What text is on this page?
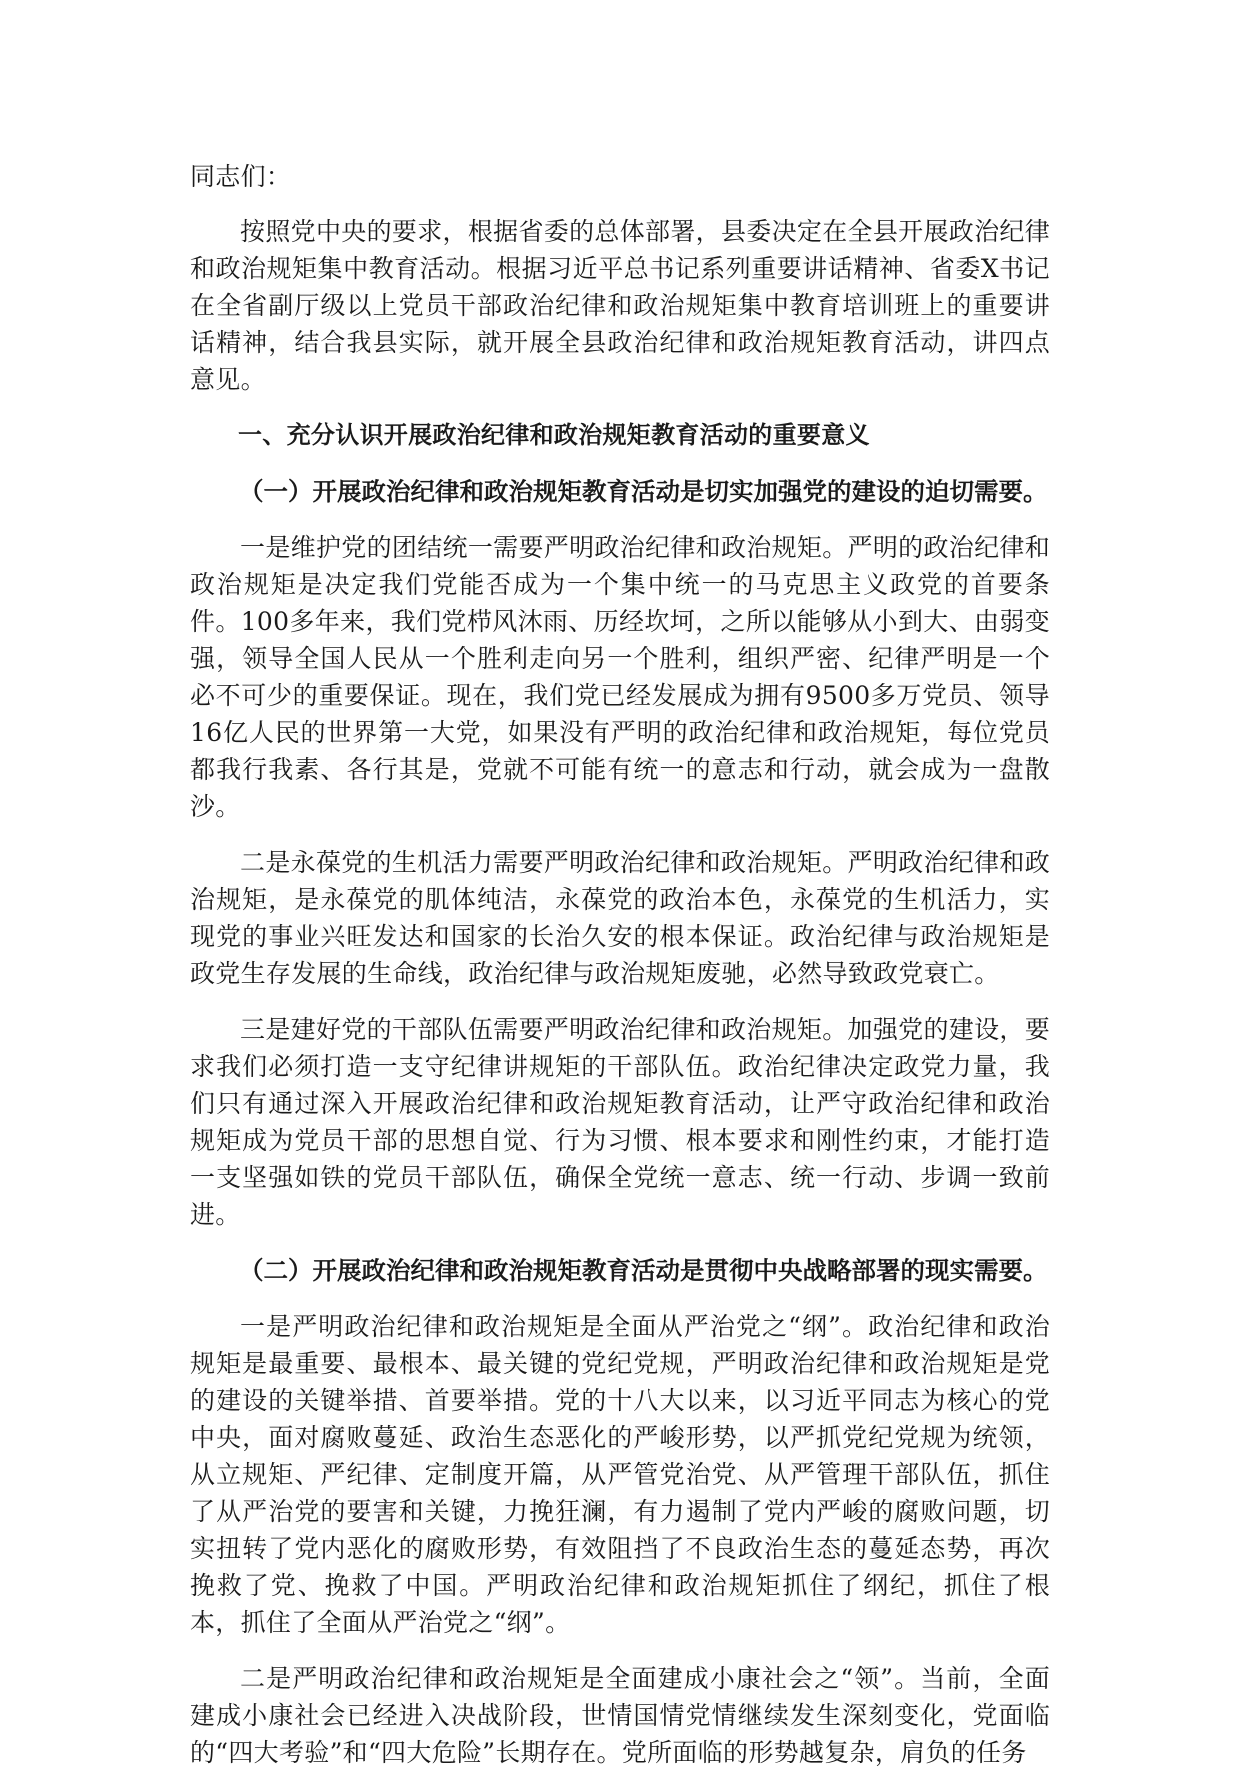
同志们：

按照党中央的要求，根据省委的总体部署，县委决定在全县开展政治纪律和政治规矩集中教育活动。根据习近平总书记系列重要讲话精神、省委X书记在全省副厅级以上党员干部政治纪律和政治规矩集中教育培训班上的重要讲话精神，结合我县实际，就开展全县政治纪律和政治规矩教育活动，讲四点意见。

一、充分认识开展政治纪律和政治规矩教育活动的重要意义

（一）开展政治纪律和政治规矩教育活动是切实加强党的建设的迫切需要。

一是维护党的团结统一需要严明政治纪律和政治规矩。严明的政治纪律和政治规矩是决定我们党能否成为一个集中统一的马克思主义政党的首要条件。100多年来，我们党栉风沐雨、历经坎坷，之所以能够从小到大、由弱变强，领导全国人民从一个胜利走向另一个胜利，组织严密、纪律严明是一个必不可少的重要保证。现在，我们党已经发展成为拥有9500多万党员、领导16亿人民的世界第一大党，如果没有严明的政治纪律和政治规矩，每位党员都我行我素、各行其是，党就不可能有统一的意志和行动，就会成为一盘散沙。

二是永葆党的生机活力需要严明政治纪律和政治规矩。严明政治纪律和政治规矩，是永葆党的肌体纯洁，永葆党的政治本色，永葆党的生机活力，实现党的事业兴旺发达和国家的长治久安的根本保证。政治纪律与政治规矩是政党生存发展的生命线，政治纪律与政治规矩废驰，必然导致政党衰亡。

三是建好党的干部队伍需要严明政治纪律和政治规矩。加强党的建设，要求我们必须打造一支守纪律讲规矩的干部队伍。政治纪律决定政党力量，我们只有通过深入开展政治纪律和政治规矩教育活动，让严守政治纪律和政治规矩成为党员干部的思想自觉、行为习惯、根本要求和刚性约束，才能打造一支坚强如铁的党员干部队伍，确保全党统一意志、统一行动、步调一致前进。

（二）开展政治纪律和政治规矩教育活动是贯彻中央战略部署的现实需要。

一是严明政治纪律和政治规矩是全面从严治党之“纲”。政治纪律和政治规矩是最重要、最根本、最关键的党纪党规，严明政治纪律和政治规矩是党的建设的关键举措、首要举措。党的十八大以来，以习近平同志为核心的党中央，面对腐败蔓延、政治生态恶化的严峻形势，以严抓党纪党规为统领，从立规矩、严纪律、定制度开篇，从严管党治党、从严管理干部队伍，抓住了从严治党的要害和关键，力挽狂澜，有力遏制了党内严峻的腐败问题，切实扭转了党内恶化的腐败形势，有效阻挡了不良政治生态的蔓延态势，再次挽救了党、挽救了中国。严明政治纪律和政治规矩抓住了纲纪，抓住了根本，抓住了全面从严治党之“纲”。

二是严明政治纪律和政治规矩是全面建成小康社会之“领”。当前，全面建成小康社会已经进入决战阶段，世情国情党情继续发生深刻变化，党面临的“四大考验”和“四大危险”长期存在。党所面临的形势越复杂，肩负的任务
